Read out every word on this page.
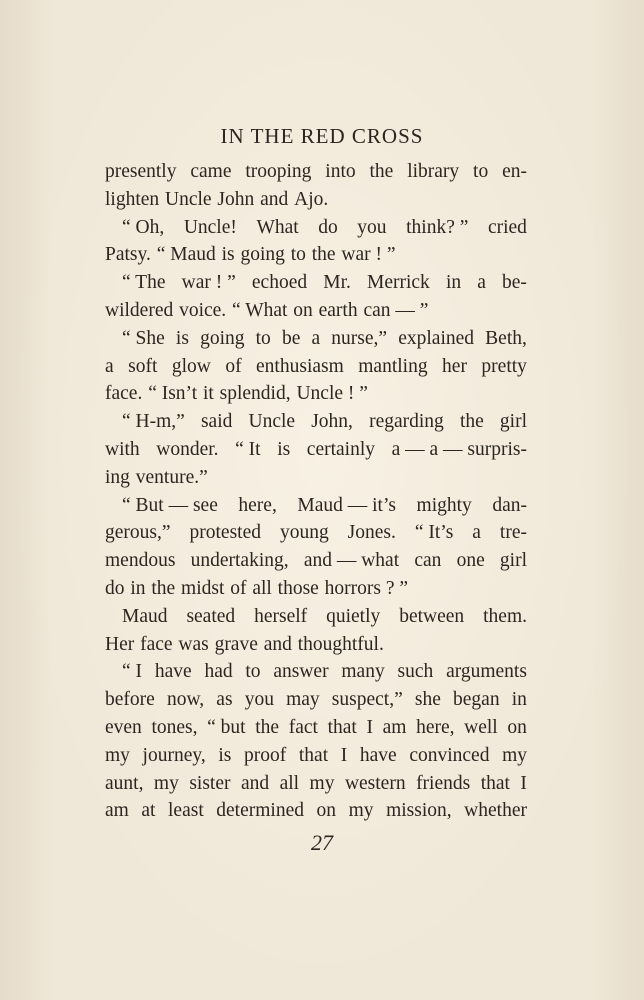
IN THE RED CROSS
presently came trooping into the library to en-
lighten Uncle John and Ajo.
“ Oh, Uncle! What do you think? ” cried
Patsy. “ Maud is going to the war ! ”
“ The war ! ” echoed Mr. Merrick in a be-
wildered voice. “ What on earth can — ”
“ She is going to be a nurse,” explained Beth,
a soft glow of enthusiasm mantling her pretty
face. “ Isn’t it splendid, Uncle ! ”
“ H-m,” said Uncle John, regarding the girl
with wonder. “ It is certainly a — a — surpris-
ing venture.”
“ But — see here, Maud — it’s mighty dan-
gerous,” protested young Jones. “ It’s a tre-
mendous undertaking, and — what can one girl
do in the midst of all those horrors ? ”
Maud seated herself quietly between them.
Her face was grave and thoughtful.
“ I have had to answer many such arguments
before now, as you may suspect,” she began in
even tones, “ but the fact that I am here, well on
my journey, is proof that I have convinced my
aunt, my sister and all my western friends that I
am at least determined on my mission, whether
27
